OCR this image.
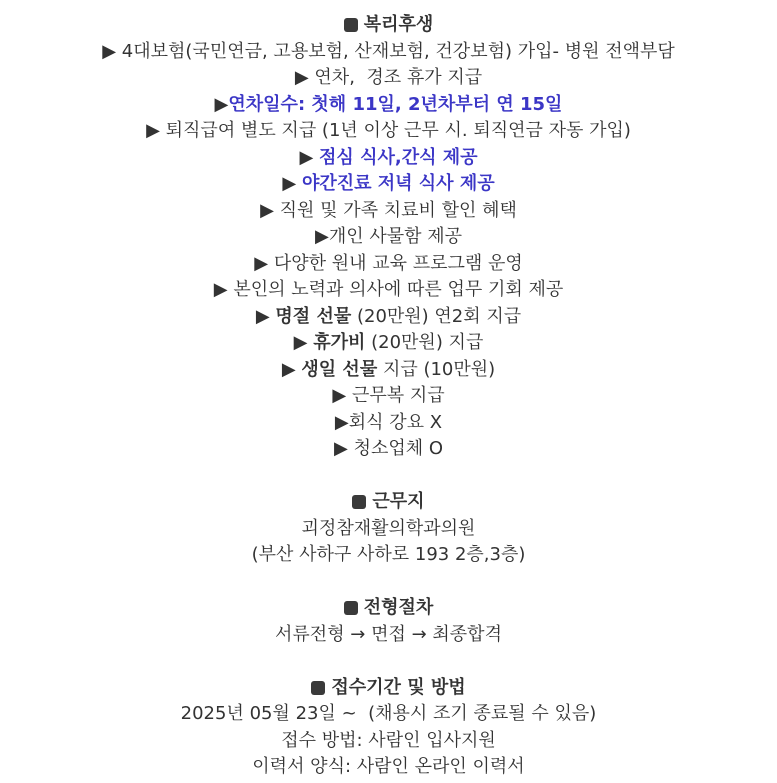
복리후생
▶ 4대보험(국민연금, 고용보험, 산재보험, 건강보험) 가입- 병원 전액부담
▶ 연차,  경조 휴가 지급
▶ 연차일수: 첫해 11일, 2년차부터 연 15일
▶ 퇴직급여 별도 지급 (1년 이상 근무 시. 퇴직연금 자동 가입)
▶ 점심 식사,간식 제공
▶ 야간진료 저녁 식사 제공
▶ 직원 및 가족 치료비 할인 혜택
▶ 개인 사물함 제공
▶ 다양한 원내 교육 프로그램 운영
▶ 본인의 노력과 의사에 따른 업무 기회 제공
▶ 명절 선물 (20만원) 연2회 지급
▶ 휴가비 (20만원) 지급
▶ 생일 선물 지급 (10만원)
▶ 근무복 지급
▶ 회식 강요 X
▶ 청소업체 O
근무지
괴정참재활의학과의원
(부산 사하구 사하로 193 2층,3층)
전형절차
서류전형 → 면접 → 최종합격
접수기간 및 방법
2025년 05월 23일 ~  (채용시 조기 종료될 수 있음)
접수 방법: 사람인 입사지원
이력서 양식: 사람인 온라인 이력서
